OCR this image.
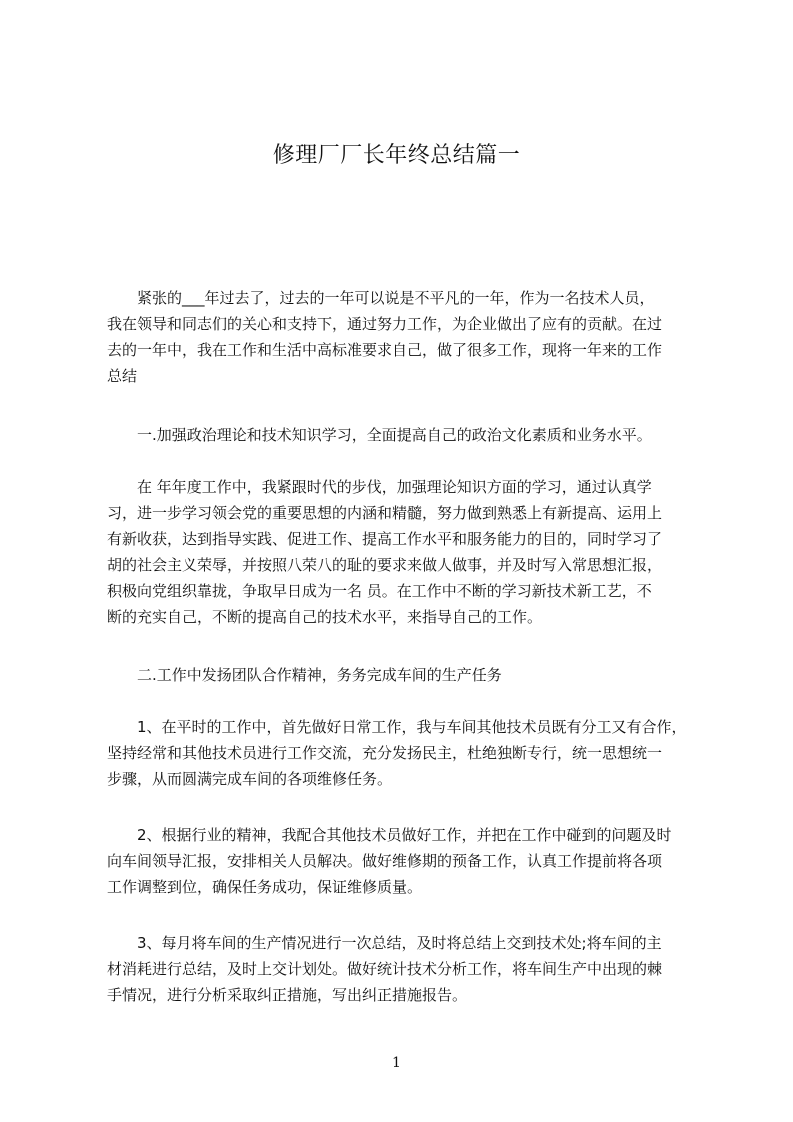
修理厂厂长年终总结篇一
紧张的___年过去了，过去的一年可以说是不平凡的一年，作为一名技术人员，
我在领导和同志们的关心和支持下，通过努力工作，为企业做出了应有的贡献。在过
去的一年中，我在工作和生活中高标准要求自己，做了很多工作，现将一年来的工作
总结
一.加强政治理论和技术知识学习，全面提高自己的政治文化素质和业务水平。
在 年年度工作中，我紧跟时代的步伐，加强理论知识方面的学习，通过认真学
习，进一步学习领会党的重要思想的内涵和精髓，努力做到熟悉上有新提高、运用上
有新收获，达到指导实践、促进工作、提高工作水平和服务能力的目的，同时学习了
胡的社会主义荣辱，并按照八荣八的耻的要求来做人做事，并及时写入常思想汇报，
积极向党组织靠拢，争取早日成为一名 员。在工作中不断的学习新技术新工艺，不
断的充实自己，不断的提高自己的技术水平，来指导自己的工作。
二.工作中发扬团队合作精神，务务完成车间的生产任务
1、在平时的工作中，首先做好日常工作，我与车间其他技术员既有分工又有合作，
坚持经常和其他技术员进行工作交流，充分发扬民主，杜绝独断专行，统一思想统一
步骤，从而圆满完成车间的各项维修任务。
2、根据行业的精神，我配合其他技术员做好工作，并把在工作中碰到的问题及时
向车间领导汇报，安排相关人员解决。做好维修期的预备工作，认真工作提前将各项
工作调整到位，确保任务成功，保证维修质量。
3、每月将车间的生产情况进行一次总结，及时将总结上交到技术处;将车间的主
材消耗进行总结，及时上交计划处。做好统计技术分析工作，将车间生产中出现的棘
手情况，进行分析采取纠正措施，写出纠正措施报告。
1
